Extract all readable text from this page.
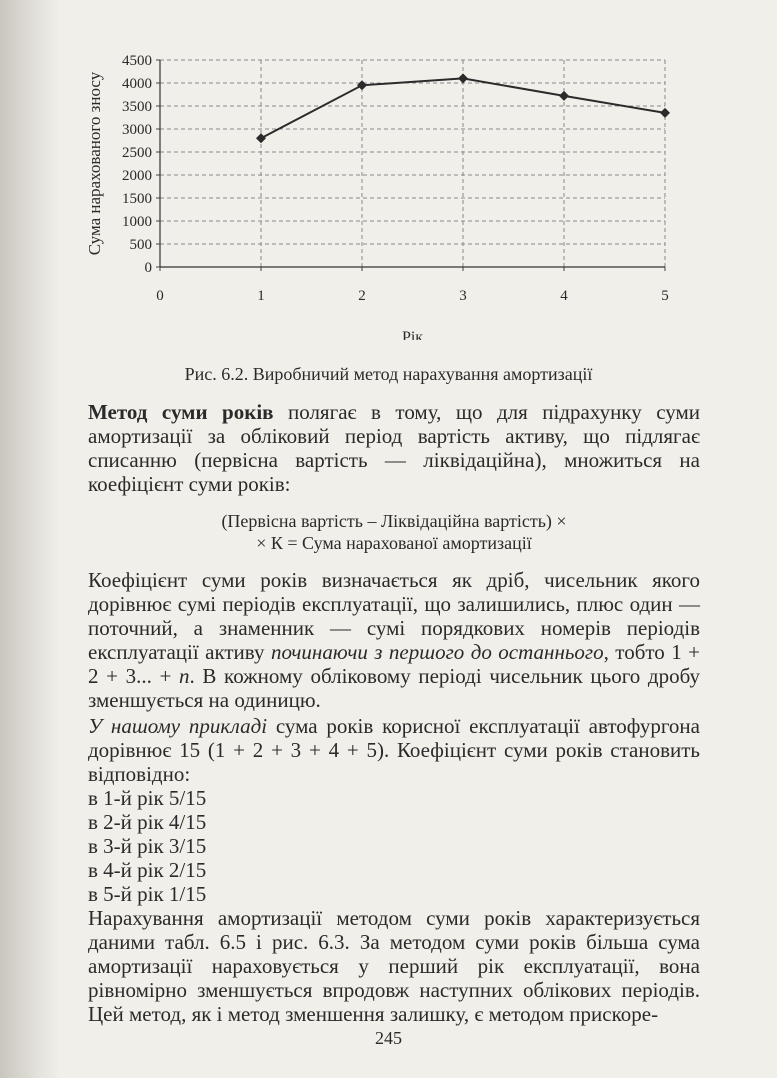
0
500
1000
1500
2000
2500
3000
3500
4000
4500
0	1	2	3	4	5
Рік
Сума нарахованого зносу
Рис. 6.2. Виробничий метод нарахування амортизації

Метод суми років полягає в тому, що для підрахунку суми амортизації за обліковий період вартість активу, що підлягає списанню (первісна вартість — ліквідаційна), множиться на коефіцієнт суми років:

(Первісна вартість – Ліквідаційна вартість) ×
× К = Сума нарахованої амортизації

Коефіцієнт суми років визначається як дріб, чисельник якого дорівнює сумі періодів експлуатації, що залишились, плюс один — поточний, а знаменник — сумі порядкових номерів періодів експлуатації активу починаючи з першого до останнього, тобто 1 + 2 + 3... + n. В кожному обліковому періоді чисельник цього дробу зменшується на одиницю.

У нашому прикладі сума років корисної експлуатації автофургона дорівнює 15 (1 + 2 + 3 + 4 + 5). Коефіцієнт суми років становить відповідно:

в 1-й рік 5/15
в 2-й рік 4/15
в 3-й рік 3/15
в 4-й рік 2/15
в 5-й рік 1/15

Нарахування амортизації методом суми років характеризується даними табл. 6.5 і рис. 6.3. За методом суми років більша сума амортизації нараховується у перший рік експлуатації, вона рівномірно зменшується впродовж наступних облікових періодів. Цей метод, як і метод зменшення залишку, є методом прискоре-

245
